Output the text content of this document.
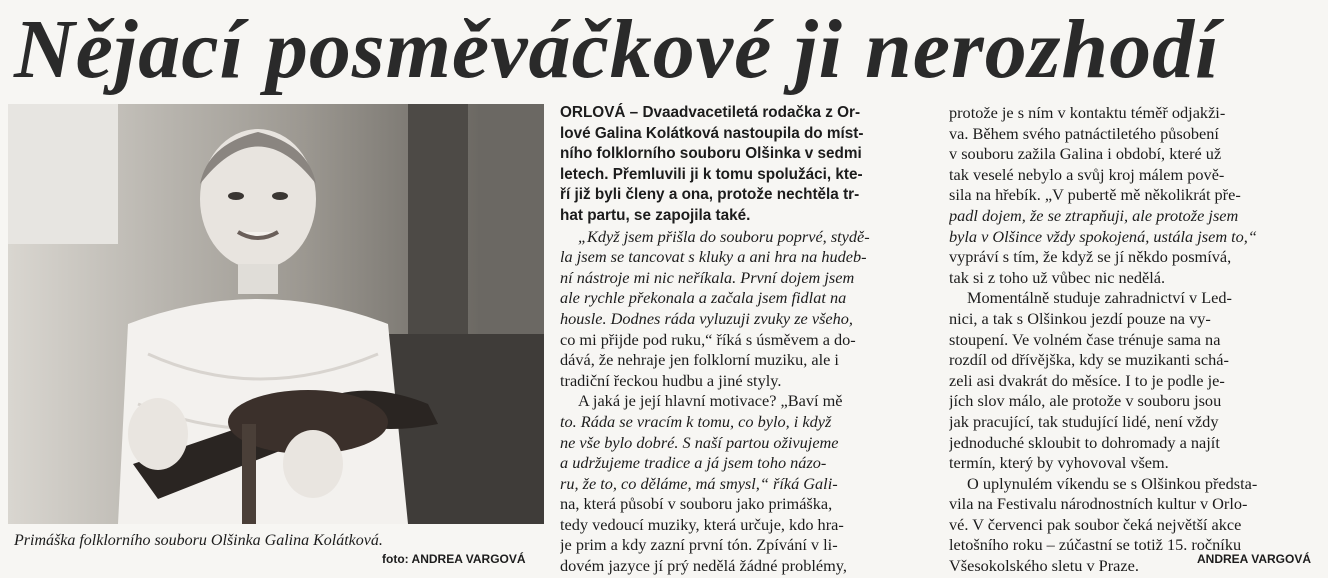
Nějací posměváčkové ji nerozhodí
Primáška folklorního souboru Olšinka Galina Kolátková.
foto: ANDREA VARGOVÁ
ORLOVÁ – Dvaadvacetiletá rodačka z Or-
lové Galina Kolátková nastoupila do míst-
ního folklorního souboru Olšinka v sedmi
letech. Přemluvili ji k tomu spolužáci, kte-
ří již byli členy a ona, protože nechtěla tr-
hat partu, se zapojila také.
„Když jsem přišla do souboru poprvé, stydě-
la jsem se tancovat s kluky a ani hra na hudeb-
ní nástroje mi nic neříkala. První dojem jsem
ale rychle překonala a začala jsem fidlat na
housle. Dodnes ráda vyluzuji zvuky ze všeho,
co mi přijde pod ruku,“ říká s úsměvem a do-
dává, že nehraje jen folklorní muziku, ale i
tradiční řeckou hudbu a jiné styly.
A jaká je její hlavní motivace? „Baví mě
to. Ráda se vracím k tomu, co bylo, i když
ne vše bylo dobré. S naší partou oživujeme
a udržujeme tradice a já jsem toho názo-
ru, že to, co děláme, má smysl,“ říká Gali-
na, která působí v souboru jako primáška,
tedy vedoucí muziky, která určuje, kdo hra-
je prim a kdy zazní první tón. Zpívání v li-
dovém jazyce jí prý nedělá žádné problémy,
protože je s ním v kontaktu téměř odjakži-
va. Během svého patnáctiletého působení
v souboru zažila Galina i období, které už
tak veselé nebylo a svůj kroj málem pově-
sila na hřebík. „V pubertě mě několikrát pře-
padl dojem, že se ztrapňuji, ale protože jsem
byla v Olšince vždy spokojená, ustála jsem to,“
vypráví s tím, že když se jí někdo posmívá,
tak si z toho už vůbec nic nedělá.
Momentálně studuje zahradnictví v Led-
nici, a tak s Olšinkou jezdí pouze na vy-
stoupení. Ve volném čase trénuje sama na
rozdíl od dřívějška, kdy se muzikanti schá-
zeli asi dvakrát do měsíce. I to je podle je-
jích slov málo, ale protože v souboru jsou
jak pracující, tak studující lidé, není vždy
jednoduché skloubit to dohromady a najít
termín, který by vyhovoval všem.
O uplynulém víkendu se s Olšinkou předsta-
vila na Festivalu národnostních kultur v Orlo-
vé. V červenci pak soubor čeká největší akce
letošního roku – zúčastní se totiž 15. ročníku
Všesokolského sletu v Praze.	ANDREA VARGOVÁ
